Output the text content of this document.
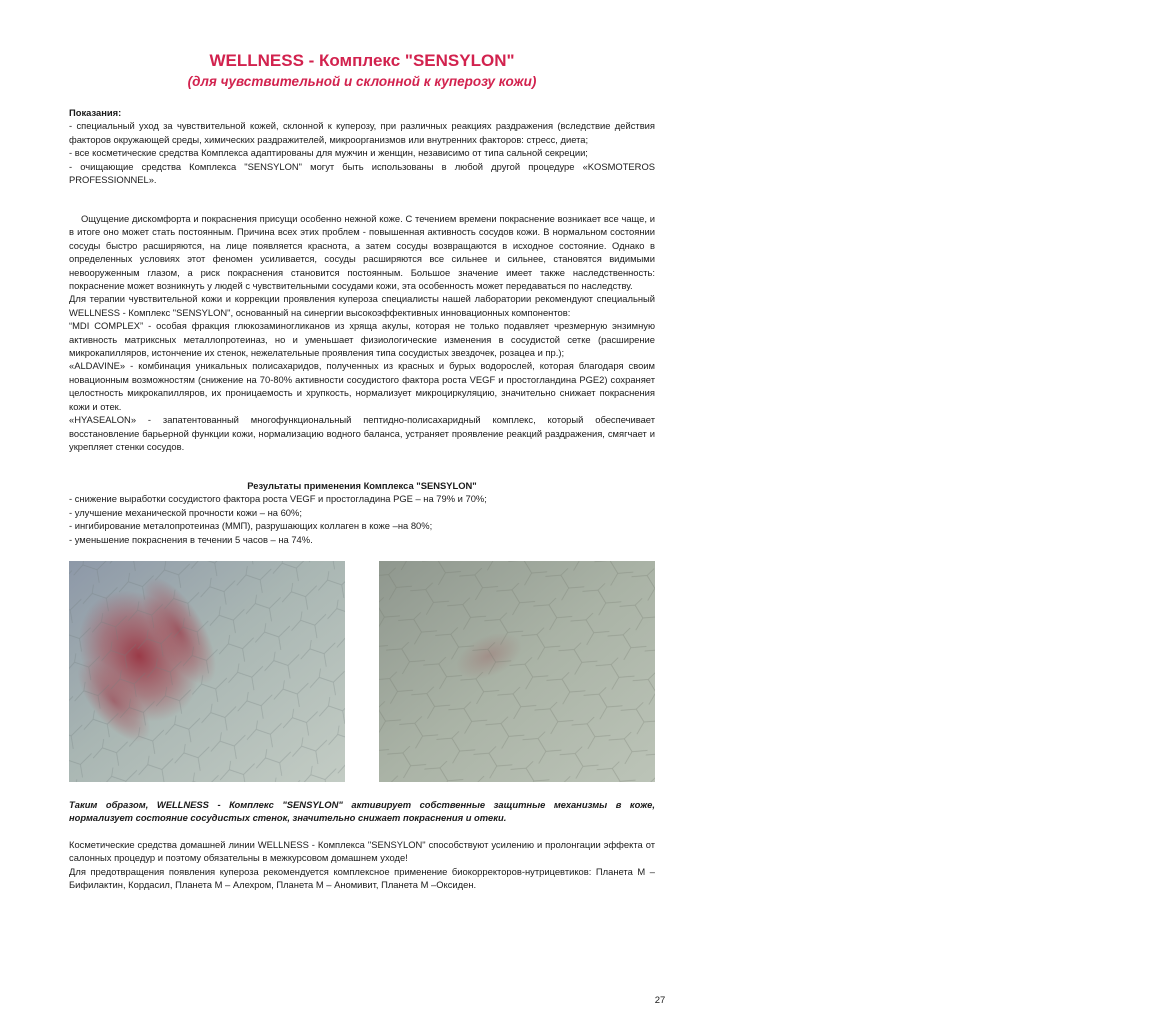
WELLNESS - Комплекс "SENSYLON"
(для чувствительной и склонной к куперозу кожи)

Показания:

- специальный уход за чувствительной кожей, склонной к куперозу, при различных реакциях раздражения (вследствие действия факторов окружающей среды, химических раздражителей, микроорганизмов или внутренних факторов: стресс, диета;

- все косметические средства Комплекса адаптированы для мужчин и женщин, независимо от типа сальной секреции;

- очищающие средства Комплекса "SENSYLON" могут быть использованы в любой другой процедуре «KOSMOTEROS PROFESSIONNEL».

Ощущение дискомфорта и покраснения присущи особенно нежной коже. С течением времени покраснение возникает все чаще, и в итоге оно может стать постоянным. Причина всех этих проблем - повышенная активность сосудов кожи. В нормальном состоянии сосуды быстро расширяются, на лице появляется краснота, а затем сосуды возвращаются в исходное состояние. Однако в определенных условиях этот феномен усиливается, сосуды расширяются все сильнее и сильнее, становятся видимыми невооруженным глазом, а риск покраснения становится постоянным. Большое значение имеет также наследственность: покраснение может возникнуть у людей с чувствительными сосудами кожи, эта особенность может передаваться по наследству.

Для терапии чувствительной кожи и коррекции проявления купероза специалисты нашей лаборатории рекомендуют специальный WELLNESS - Комплекс "SENSYLON", основанный на синергии высокоэффективных инновационных компонентов:

“MDI COMPLEX” - особая фракция глюкозаминогликанов из хряща акулы, которая не только подавляет чрезмерную энзимную активность матриксных металлопротеиназ, но и уменьшает физиологические изменения в сосудистой сетке (расширение микрокапилляров, истончение их стенок, нежелательные проявления типа сосудистых звездочек, розацеа и пр.);

«ALDAVINE» - комбинация уникальных полисахаридов, полученных из красных и бурых водорослей, которая благодаря своим новационным возможностям (снижение на 70-80% активности сосудистого фактора роста VEGF и простогландина PGE2) сохраняет целостность микрокапилляров, их проницаемость и хрупкость, нормализует микроциркуляцию, значительно снижает покраснения кожи и отек.

«HYASEALON» - запатентованный многофункциональный пептидно-полисахаридный комплекс, который обеспечивает восстановление барьерной функции кожи, нормализацию водного баланса, устраняет проявление реакций раздражения, смягчает и укрепляет стенки сосудов.

Результаты применения Комплекса "SENSYLON"

- снижение выработки сосудистого фактора роста VEGF и простогладина PGE – на 79% и 70%;

- улучшение механической прочности кожи – на 60%;

- ингибирование металопротеиназ (ММП), разрушающих коллаген в коже –на 80%;

- уменьшение покраснения в течении 5 часов – на 74%.

Таким образом, WELLNESS - Комплекс "SENSYLON" активирует собственные защитные механизмы в коже, нормализует состояние сосудистых стенок, значительно снижает покраснения и отеки.

Косметические средства домашней линии WELLNESS - Комплекса "SENSYLON" способствуют усилению и пролонгации эффекта от салонных процедур и поэтому обязательны в межкурсовом домашнем уходе!

Для предотвращения появления купероза рекомендуется комплексное применение биокорректоров-нутрицевтиков: Планета М – Бифилактин, Кордасил, Планета М – Алехром, Планета М – Аномивит, Планета М –Оксиден.

27
